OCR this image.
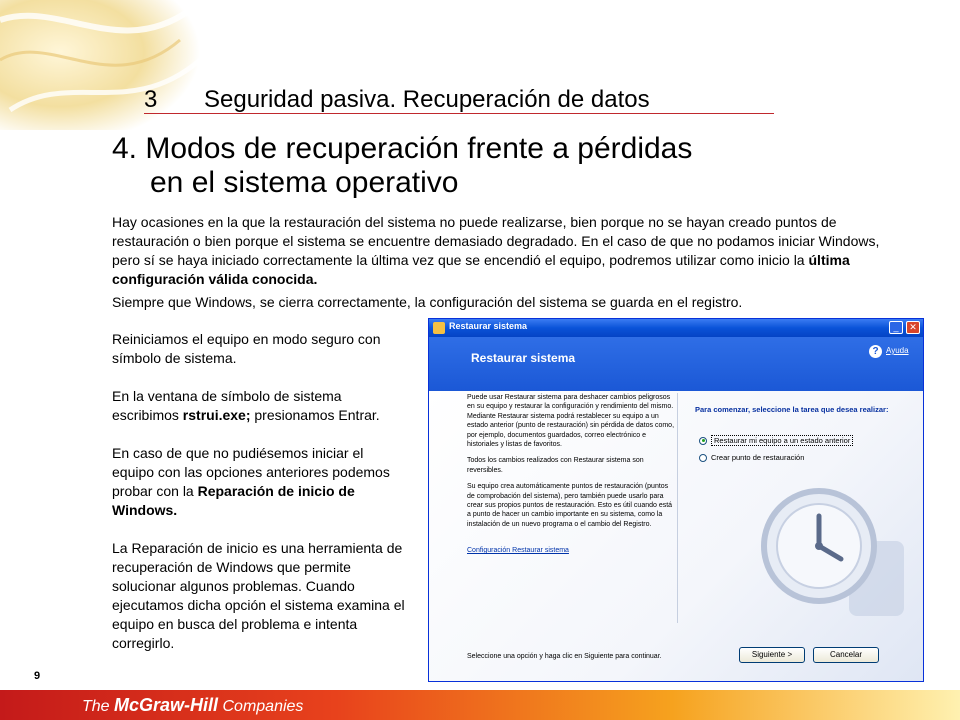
3 Seguridad pasiva. Recuperación de datos
4. Modos de recuperación frente a pérdidas
en el sistema operativo
Hay ocasiones en la que la restauración del sistema no puede realizarse, bien porque no se hayan creado puntos de restauración o bien porque el sistema se encuentre demasiado degradado. En el caso de que no podamos iniciar Windows, pero sí se haya iniciado correctamente la última vez que se encendió el equipo, podremos utilizar como inicio la última configuración válida conocida.
Siempre que Windows, se cierra correctamente, la configuración del sistema se guarda en el registro.

Reiniciamos el equipo en modo seguro con símbolo de sistema.

En la ventana de símbolo de sistema escribimos rstrui.exe; presionamos Entrar.

En caso de que no pudiésemos iniciar el equipo con las opciones anteriores podemos probar con la Reparación de inicio de Windows.

La Reparación de inicio es una herramienta de recuperación de Windows que permite solucionar algunos problemas. Cuando ejecutamos dicha opción el sistema examina el equipo en busca del problema e intenta corregirlo.

9
Restaurar sistema	_	✕
Restaurar sistema	? Ayuda

Puede usar Restaurar sistema para deshacer cambios peligrosos en su equipo y restaurar la configuración y rendimiento del mismo. Mediante Restaurar sistema podrá restablecer su equipo a un estado anterior (punto de restauración) sin pérdida de datos como, por ejemplo, documentos guardados, correo electrónico e historiales y listas de favoritos.

Todos los cambios realizados con Restaurar sistema son reversibles.

Su equipo crea automáticamente puntos de restauración (puntos de comprobación del sistema), pero también puede usarlo para crear sus propios puntos de restauración. Esto es útil cuando está a punto de hacer un cambio importante en su sistema, como la instalación de un nuevo programa o el cambio del Registro.

Configuración Restaurar sistema
Para comenzar, seleccione la tarea que desea realizar:
Restaurar mi equipo a un estado anterior
Crear punto de restauración
Seleccione una opción y haga clic en Siguiente para continuar.	Siguiente >	Cancelar
The McGraw-Hill Companies
